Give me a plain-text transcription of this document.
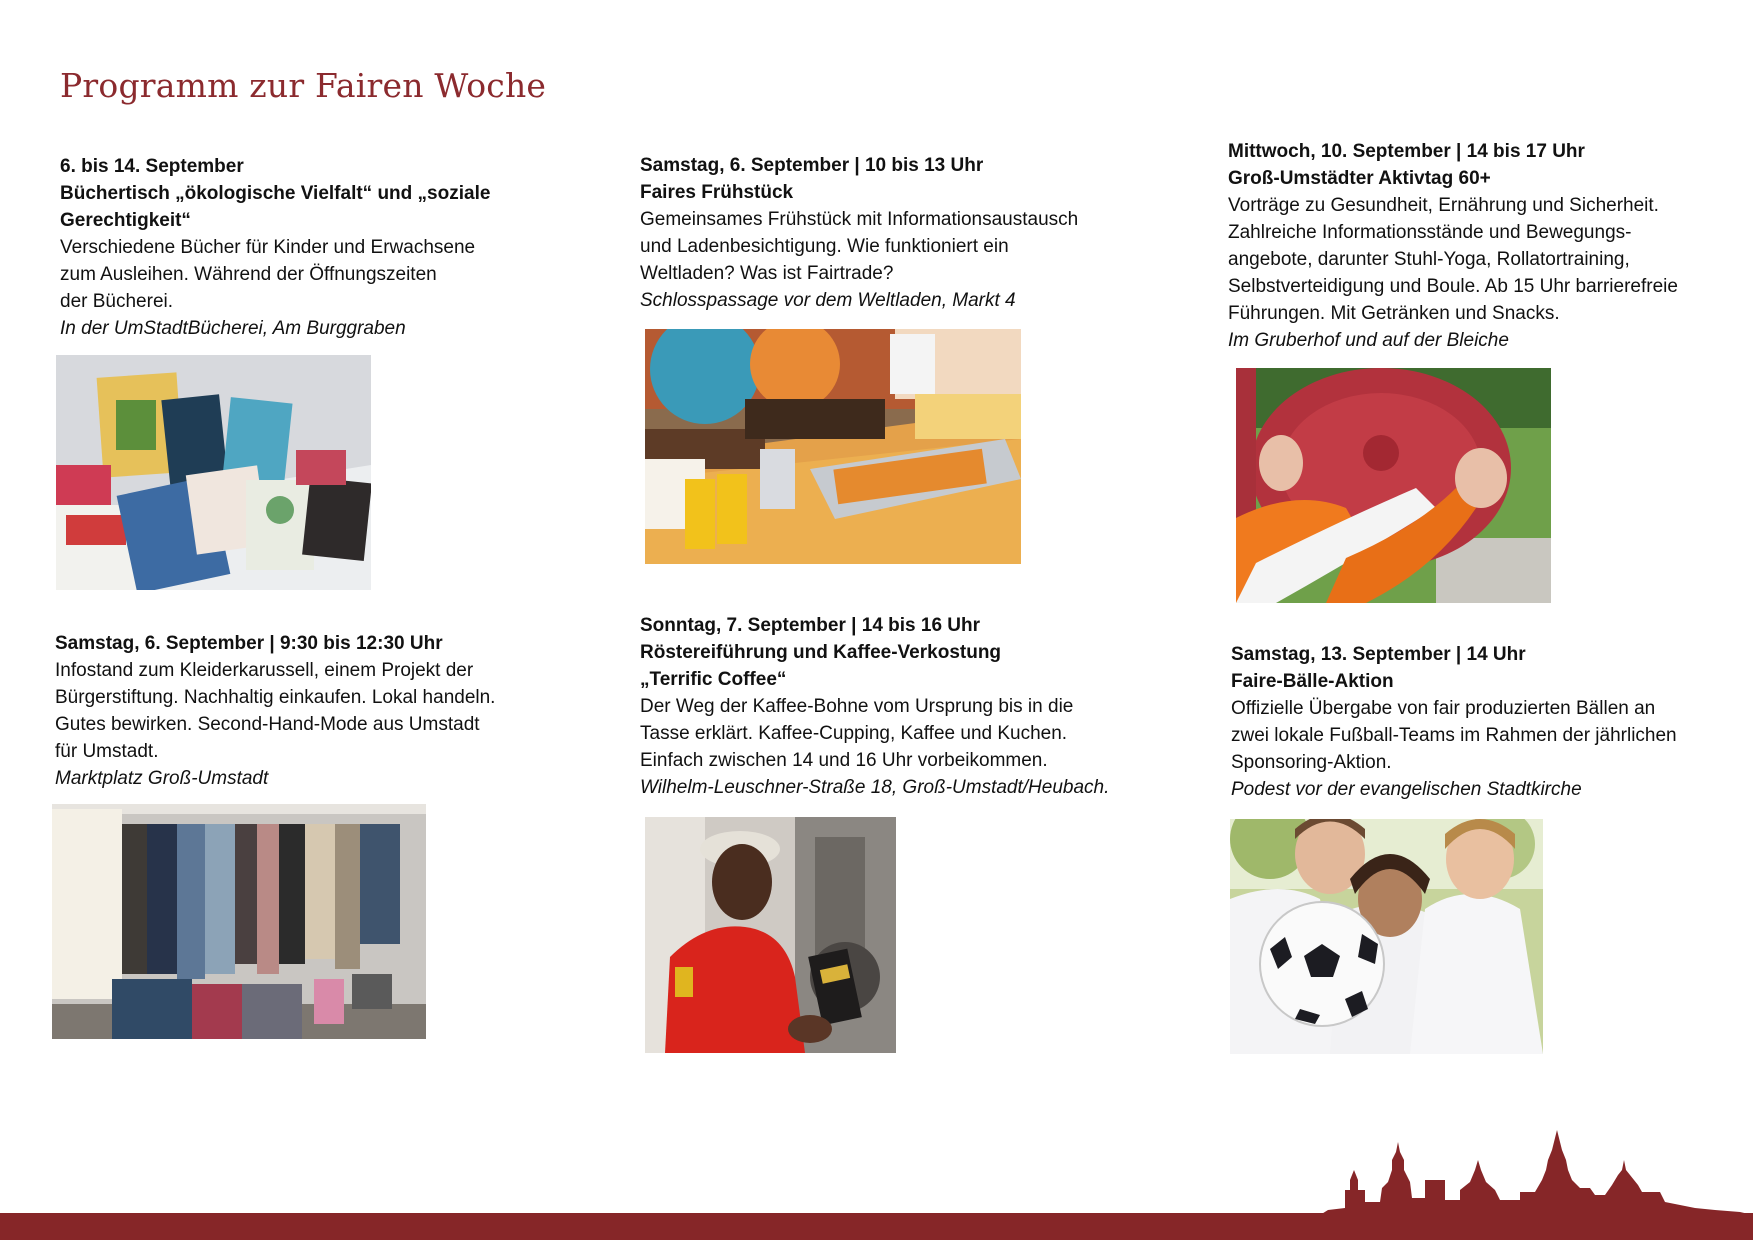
Programm zur Fairen Woche

6. bis 14. September

Büchertisch „ökologische Vielfalt“ und „soziale

Gerechtigkeit“

Verschiedene Bücher für Kinder und Erwachsene

zum Ausleihen. Während der Öffnungszeiten

der Bücherei.

In der UmStadtBücherei, Am Burggraben

Samstag, 6. September | 9:30 bis 12:30 Uhr

Infostand zum Kleiderkarussell, einem Projekt der

Bürgerstiftung. Nachhaltig einkaufen. Lokal handeln.

Gutes bewirken. Second-Hand-Mode aus Umstadt

für Umstadt.

Marktplatz Groß-Umstadt

Samstag, 6. September | 10 bis 13 Uhr

Faires Frühstück

Gemeinsames Frühstück mit Informationsaustausch

und Ladenbesichtigung. Wie funktioniert ein

Weltladen? Was ist Fairtrade?

Schlosspassage vor dem Weltladen, Markt 4

Sonntag, 7. September | 14 bis 16 Uhr

Röstereiführung und Kaffee-Verkostung

„Terrific Coffee“

Der Weg der Kaffee-Bohne vom Ursprung bis in die

Tasse erklärt. Kaffee-Cupping, Kaffee und Kuchen.

Einfach zwischen 14 und 16 Uhr vorbeikommen.

Wilhelm-Leuschner-Straße 18, Groß-Umstadt/Heubach.

Mittwoch, 10. September | 14 bis 17 Uhr

Groß-Umstädter Aktivtag 60+

Vorträge zu Gesundheit, Ernährung und Sicherheit.

Zahlreiche Informationsstände und Bewegungs-

angebote, darunter Stuhl-Yoga, Rollatortraining,

Selbstverteidigung und Boule. Ab 15 Uhr barrierefreie

Führungen. Mit Getränken und Snacks.

Im Gruberhof und auf der Bleiche

Samstag, 13. September | 14 Uhr

Faire-Bälle-Aktion

Offizielle Übergabe von fair produzierten Bällen an

zwei lokale Fußball-Teams im Rahmen der jährlichen

Sponsoring-Aktion.

Podest vor der evangelischen Stadtkirche
